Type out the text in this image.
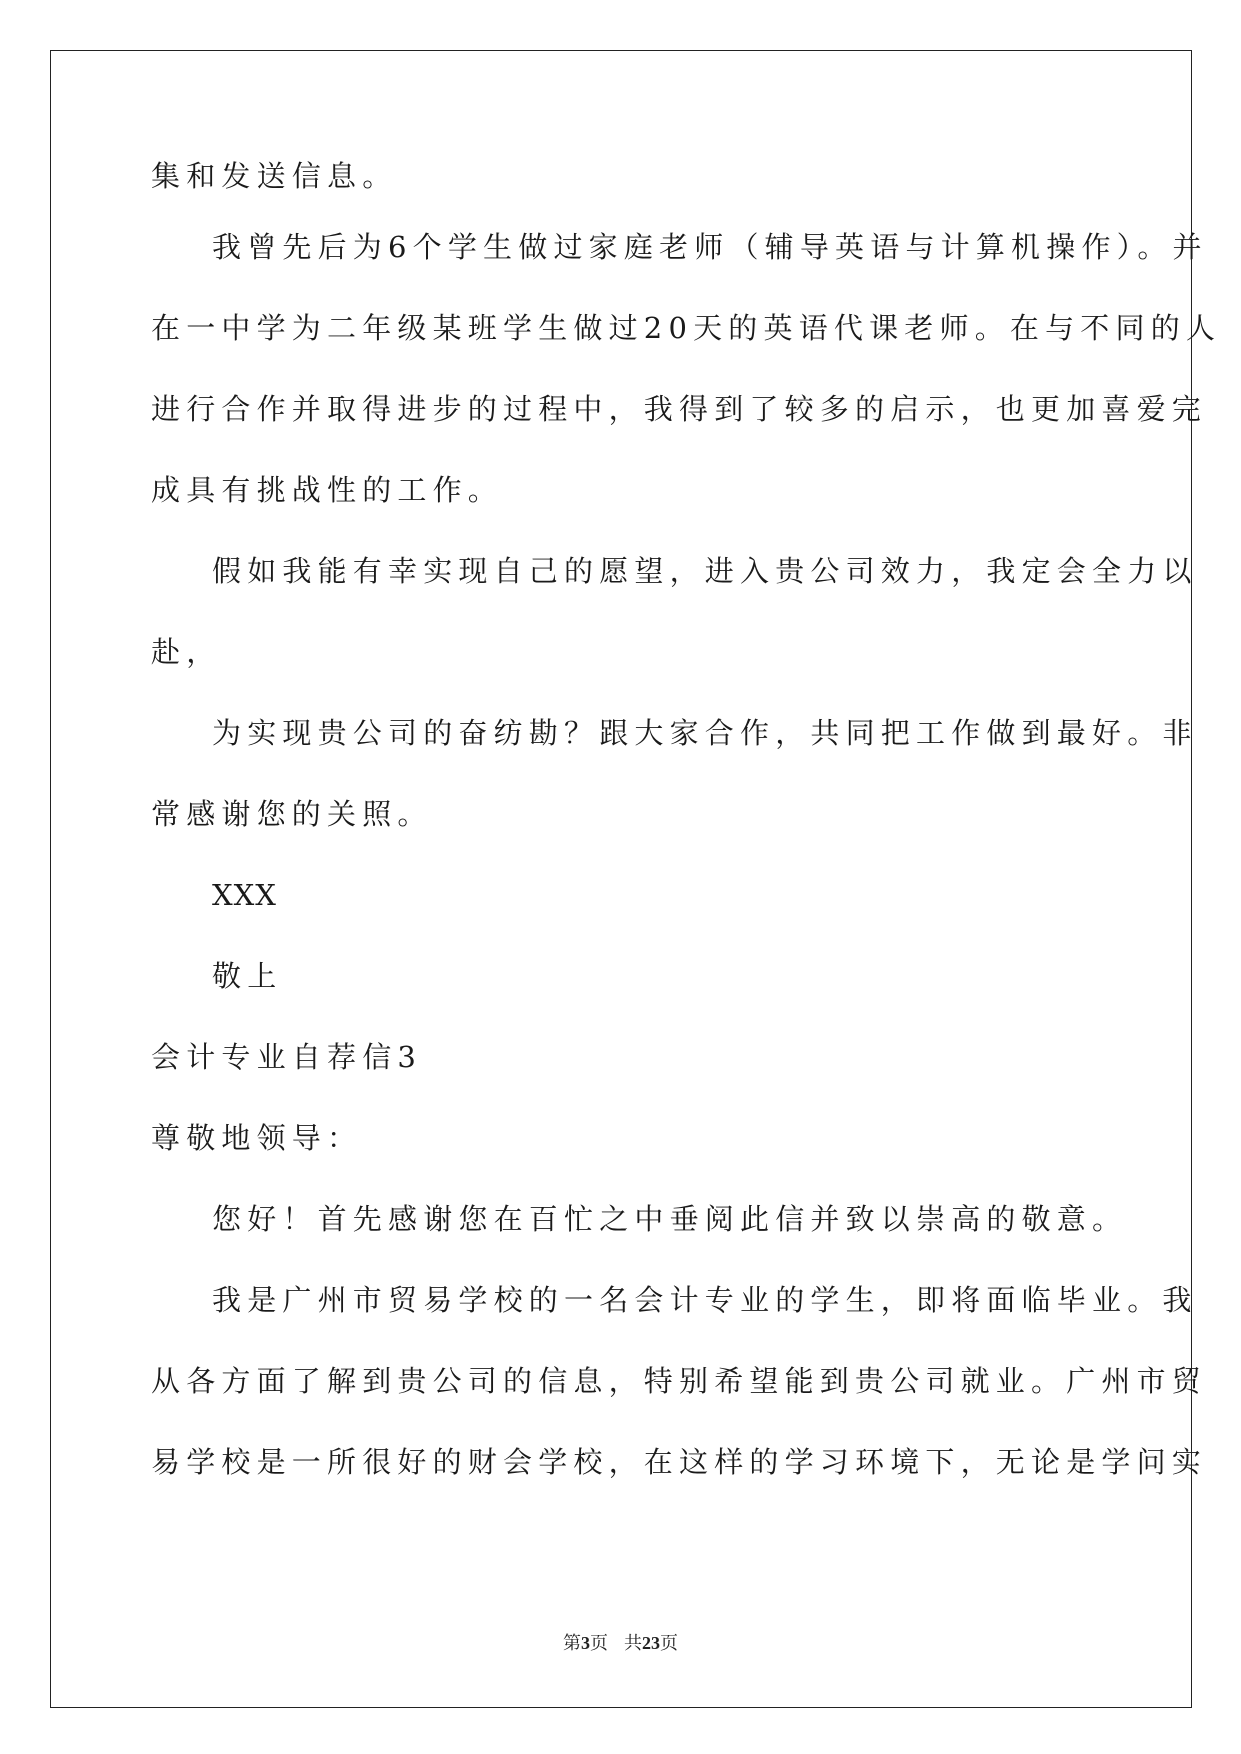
集和发送信息。
我曾先后为6个学生做过家庭老师（辅导英语与计算机操作）。并
在一中学为二年级某班学生做过20天的英语代课老师。在与不同的人
进行合作并取得进步的过程中，我得到了较多的启示，也更加喜爱完
成具有挑战性的工作。
假如我能有幸实现自己的愿望，进入贵公司效力，我定会全力以
赴，
为实现贵公司的奋纺勘？跟大家合作，共同把工作做到最好。非
常感谢您的关照。
XXX
敬上
会计专业自荐信3
尊敬地领导：
您好！首先感谢您在百忙之中垂阅此信并致以崇高的敬意。
我是广州市贸易学校的一名会计专业的学生，即将面临毕业。我
从各方面了解到贵公司的信息，特别希望能到贵公司就业。广州市贸
易学校是一所很好的财会学校，在这样的学习环境下，无论是学问实
第3页 共23页
